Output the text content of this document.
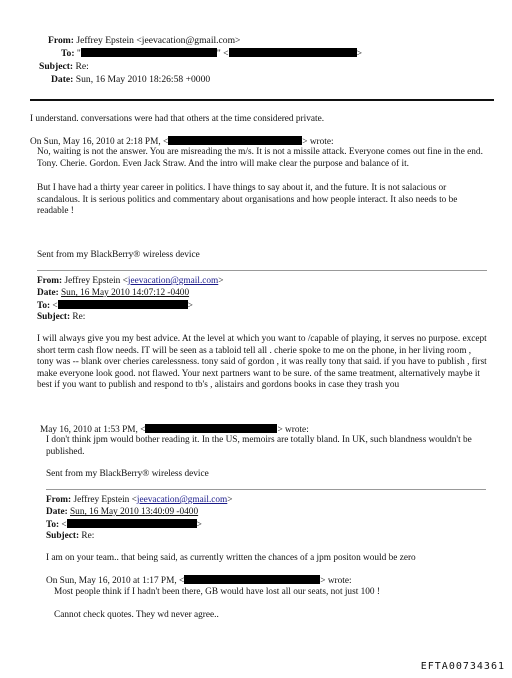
From: Jeffrey Epstein <jeevacation@gmail.com>
To: "	" <	>
Subject: Re:
Date: Sun, 16 May 2010 18:26:58 +0000
I understand. conversations were had that others at the time considered private.
On Sun, May 16, 2010 at 2:18 PM, <	> wrote:
No, waiting is not the answer. You are misreading the m/s. It is not a missile attack. Everyone comes out fine in the end. Tony. Cherie. Gordon. Even Jack Straw. And the intro will make clear the purpose and balance of it.
But I have had a thirty year career in politics. I have things to say about it, and the future. It is not salacious or scandalous. It is serious politics and commentary about organisations and how people interact. It also needs to be readable !
Sent from my BlackBerry® wireless device
From: Jeffrey Epstein <jeevacation@gmail.com>
Date: Sun, 16 May 2010 14:07:12 -0400
To: <	>
Subject: Re:
I will always give you my best advice. At the level at which you want to /capable of playing, it serves no purpose. except short term cash flow needs. IT will be seen as a tabloid tell all . cherie spoke to me on the phone, in her living room , tony was -- blank over cheries carelessness. tony said of gordon , it was really tony that said. if you have to publish , first make everyone look good. not flawed. Your next partners want to be sure. of the same treatment, alternatively maybe it best if you want to publish and respond to tb's , alistairs and gordons books in case they trash you
May 16, 2010 at 1:53 PM, <	> wrote:
I don't think jpm would bother reading it. In the US, memoirs are totally bland. In UK, such blandness wouldn't be published.
Sent from my BlackBerry® wireless device
From: Jeffrey Epstein <jeevacation@gmail.com>
Date: Sun, 16 May 2010 13:40:09 -0400
To: <	>
Subject: Re:
I am on your team.. that being said, as currently written the chances of a jpm positon would be zero
On Sun, May 16, 2010 at 1:17 PM, <	> wrote:
Most people think if I hadn't been there, GB would have lost all our seats, not just 100 !
Cannot check quotes. They wd never agree..
EFTA00734361
